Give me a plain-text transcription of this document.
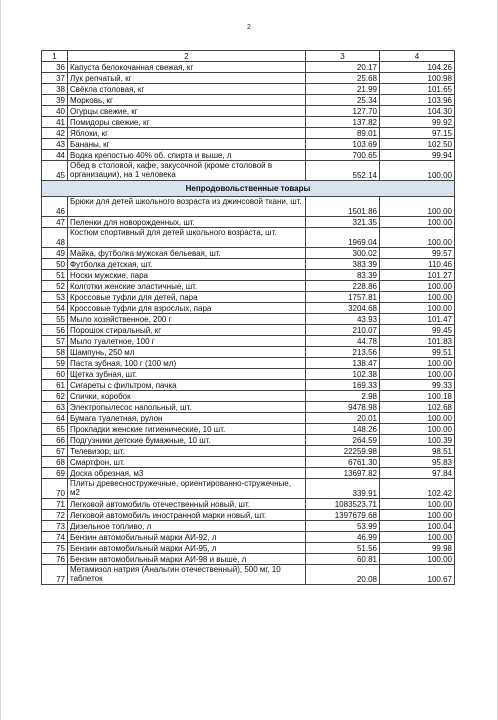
2
1	2	3	4
36	Капуста белокочанная свежая, кг	20.17	104.26
37	Лук репчатый, кг	25.68	100.98
38	Свёкла столовая, кг	21.99	101.65
39	Морковь, кг	25.34	103.96
40	Огурцы свежие, кг	127.70	104.30
41	Помидоры свежие, кг	137.82	99.92
42	Яблоки, кг	89.01	97.15
43	Бананы, кг	103.69	102.50
44	Водка крепостью 40% об. спирта и выше, л	700.65	99.94
45	Обед в столовой, кафе, закусочной (кроме столовой в организации), на 1 человека	552.14	100.00
Непродовольственные товары			
46	Брюки для детей школьного возраста из джинсовой ткани, шт.	1501.86	100.00
47	Пеленки для новорожденных, шт.	321.35	100.00
48	Костюм спортивный для детей школьного возраста, шт.	1969.04	100.00
49	Майка, футболка мужская бельевая, шт.	300.02	99.57
50	Футболка детская, шт.	383.39	110.46
51	Носки мужские, пара	83.39	101.27
52	Колготки женские эластичные, шт.	228.86	100.00
53	Кроссовые туфли для детей, пара	1757.81	100.00
54	Кроссовые туфли для взрослых, пара	3204.68	100.00
55	Мыло хозяйственное, 200 г	43.93	101.47
56	Порошок стиральный, кг	210.07	99.45
57	Мыло туалетное, 100 г	44.78	101.83
58	Шампунь, 250 мл	213.56	99.51
59	Паста зубная, 100 г (100 мл)	138.47	100.00
60	Щетка зубная, шт.	102.38	100.00
61	Сигареты с фильтром, пачка	169.33	99.33
62	Спички, коробок	2.98	100.18
63	Электропылесос напольный, шт.	9478.98	102.68
64	Бумага туалетная, рулон	20.01	100.00
65	Прокладки женские гигиенические, 10 шт.	148.26	100.00
66	Подгузники детские бумажные, 10 шт.	264.59	100.39
67	Телевизор, шт.	22259.98	98.51
68	Смартфон, шт.	6761.30	95.83
69	Доска обрезная, м3	13697.82	97.84
70	Плиты древесностружечные, ориентированно-стружечные, м2	339.91	102.42
71	Легковой автомобиль отечественный новый, шт.	1083523.71	100.00
72	Легковой автомобиль иностранной марки новый, шт.	1397679.68	100.00
73	Дизельное топливо, л	53.99	100.04
74	Бензин автомобильный марки АИ-92, л	46.99	100.00
75	Бензин автомобильный марки АИ-95, л	51.56	99.98
76	Бензин автомобильный марки АИ-98 и выше, л	60.81	100.00
77	Метамизол натрия (Анальгин отечественный), 500 мг, 10 таблеток	20.08	100.67
